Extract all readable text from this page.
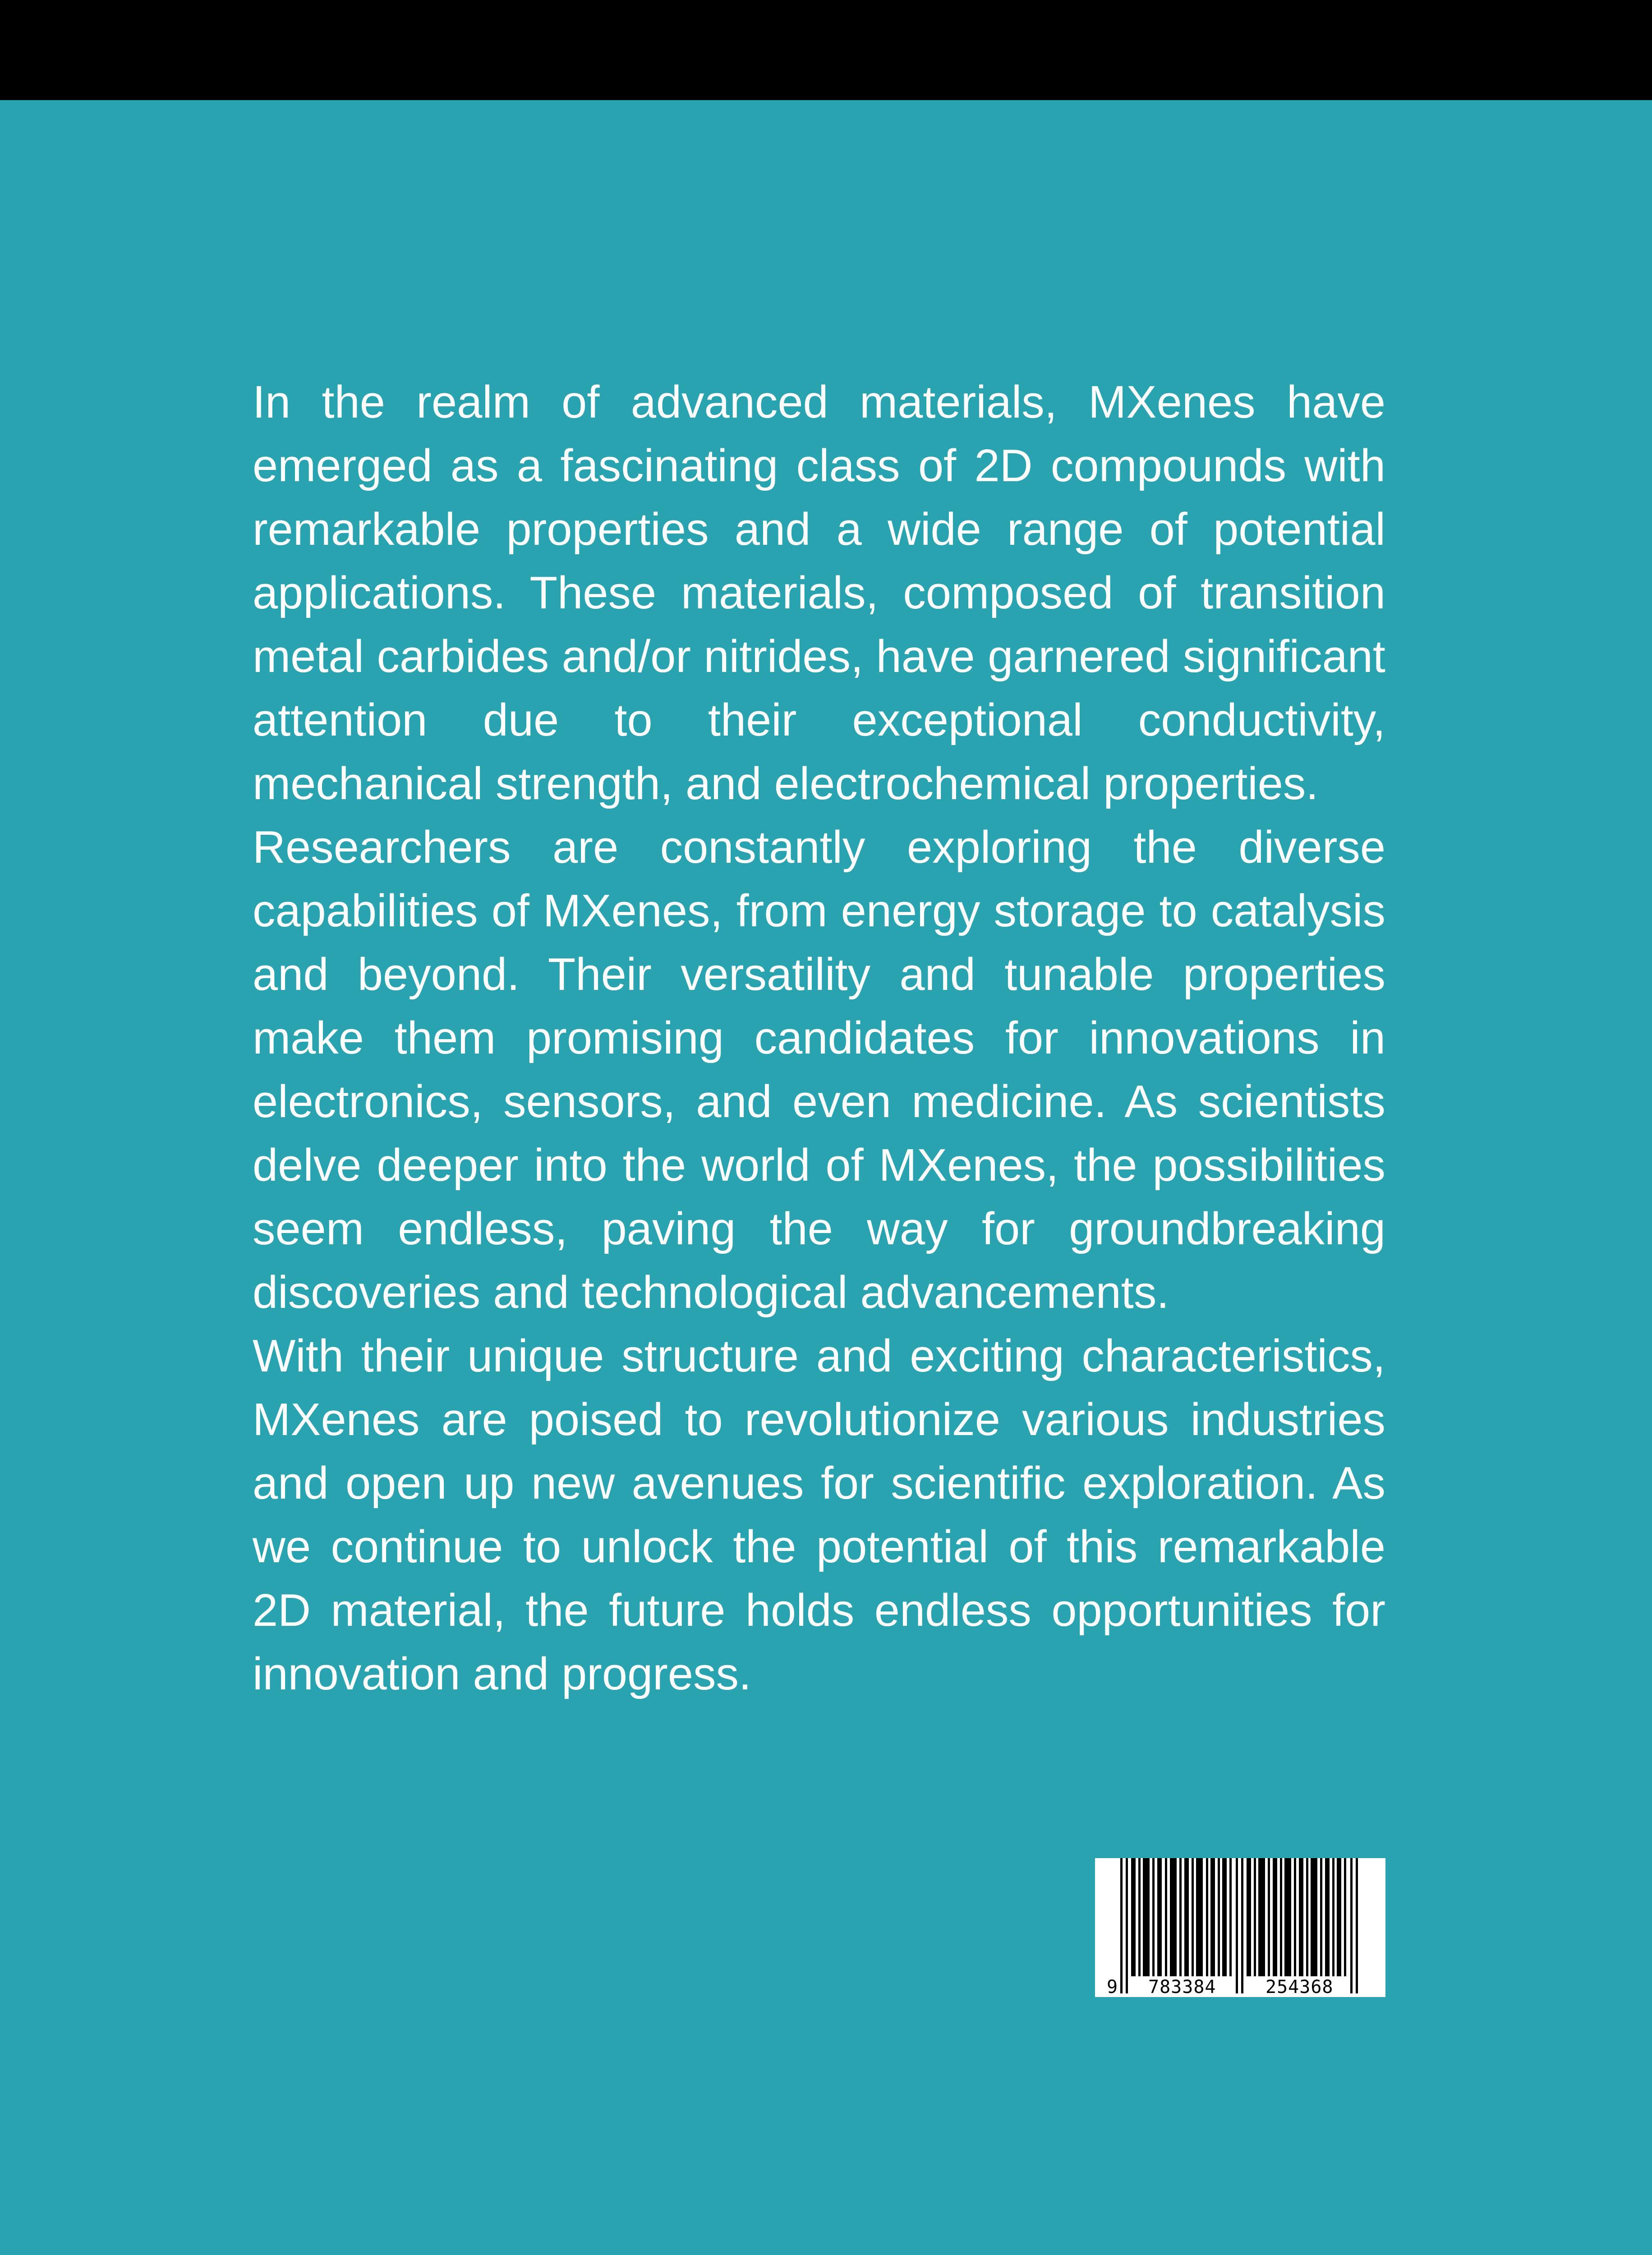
In the realm of advanced materials, MXenes have emerged as a fascinating class of 2D compounds with remarkable properties and a wide range of potential applications. These materials, composed of transition metal carbides and/or nitrides, have garnered significant attention due to their exceptional conductivity, mechanical strength, and electrochemical properties.

Researchers are constantly exploring the diverse capabilities of MXenes, from energy storage to catalysis and beyond. Their versatility and tunable properties make them promising candidates for innovations in electronics, sensors, and even medicine. As scientists delve deeper into the world of MXenes, the possibilities seem endless, paving the way for groundbreaking discoveries and technological advancements.

With their unique structure and exciting characteristics, MXenes are poised to revolutionize various industries and open up new avenues for scientific exploration. As we continue to unlock the potential of this remarkable 2D material, the future holds endless opportunities for innovation and progress.

9 783384	254368
